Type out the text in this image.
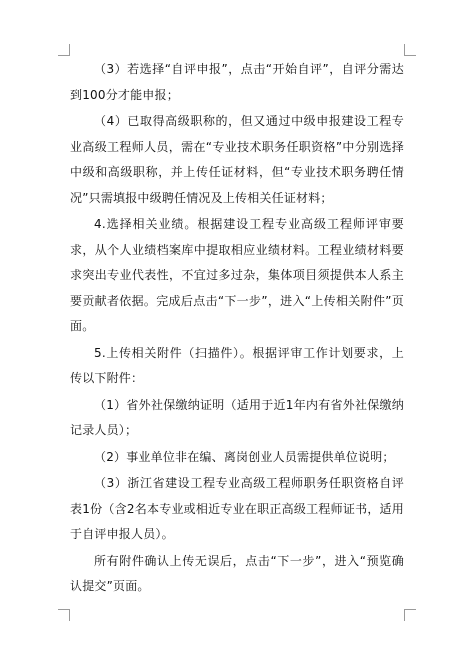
（3）若选择“自评申报”，点击“开始自评”，自评分需达到100分才能申报；

（4）已取得高级职称的，但又通过中级申报建设工程专业高级工程师人员，需在“专业技术职务任职资格”中分别选择中级和高级职称，并上传任证材料，但“专业技术职务聘任情况”只需填报中级聘任情况及上传相关任证材料；

4.选择相关业绩。根据建设工程专业高级工程师评审要求，从个人业绩档案库中提取相应业绩材料。工程业绩材料要求突出专业代表性，不宜过多过杂，集体项目须提供本人系主要贡献者依据。完成后点击“下一步”，进入“上传相关附件”页面。

5.上传相关附件（扫描件）。根据评审工作计划要求，上传以下附件：

（1）省外社保缴纳证明（适用于近1年内有省外社保缴纳记录人员）；

（2）事业单位非在编、离岗创业人员需提供单位说明；

（3）浙江省建设工程专业高级工程师职务任职资格自评表1份（含2名本专业或相近专业在职正高级工程师证书，适用于自评申报人员）。

所有附件确认上传无误后，点击“下一步”，进入“预览确认提交”页面。
